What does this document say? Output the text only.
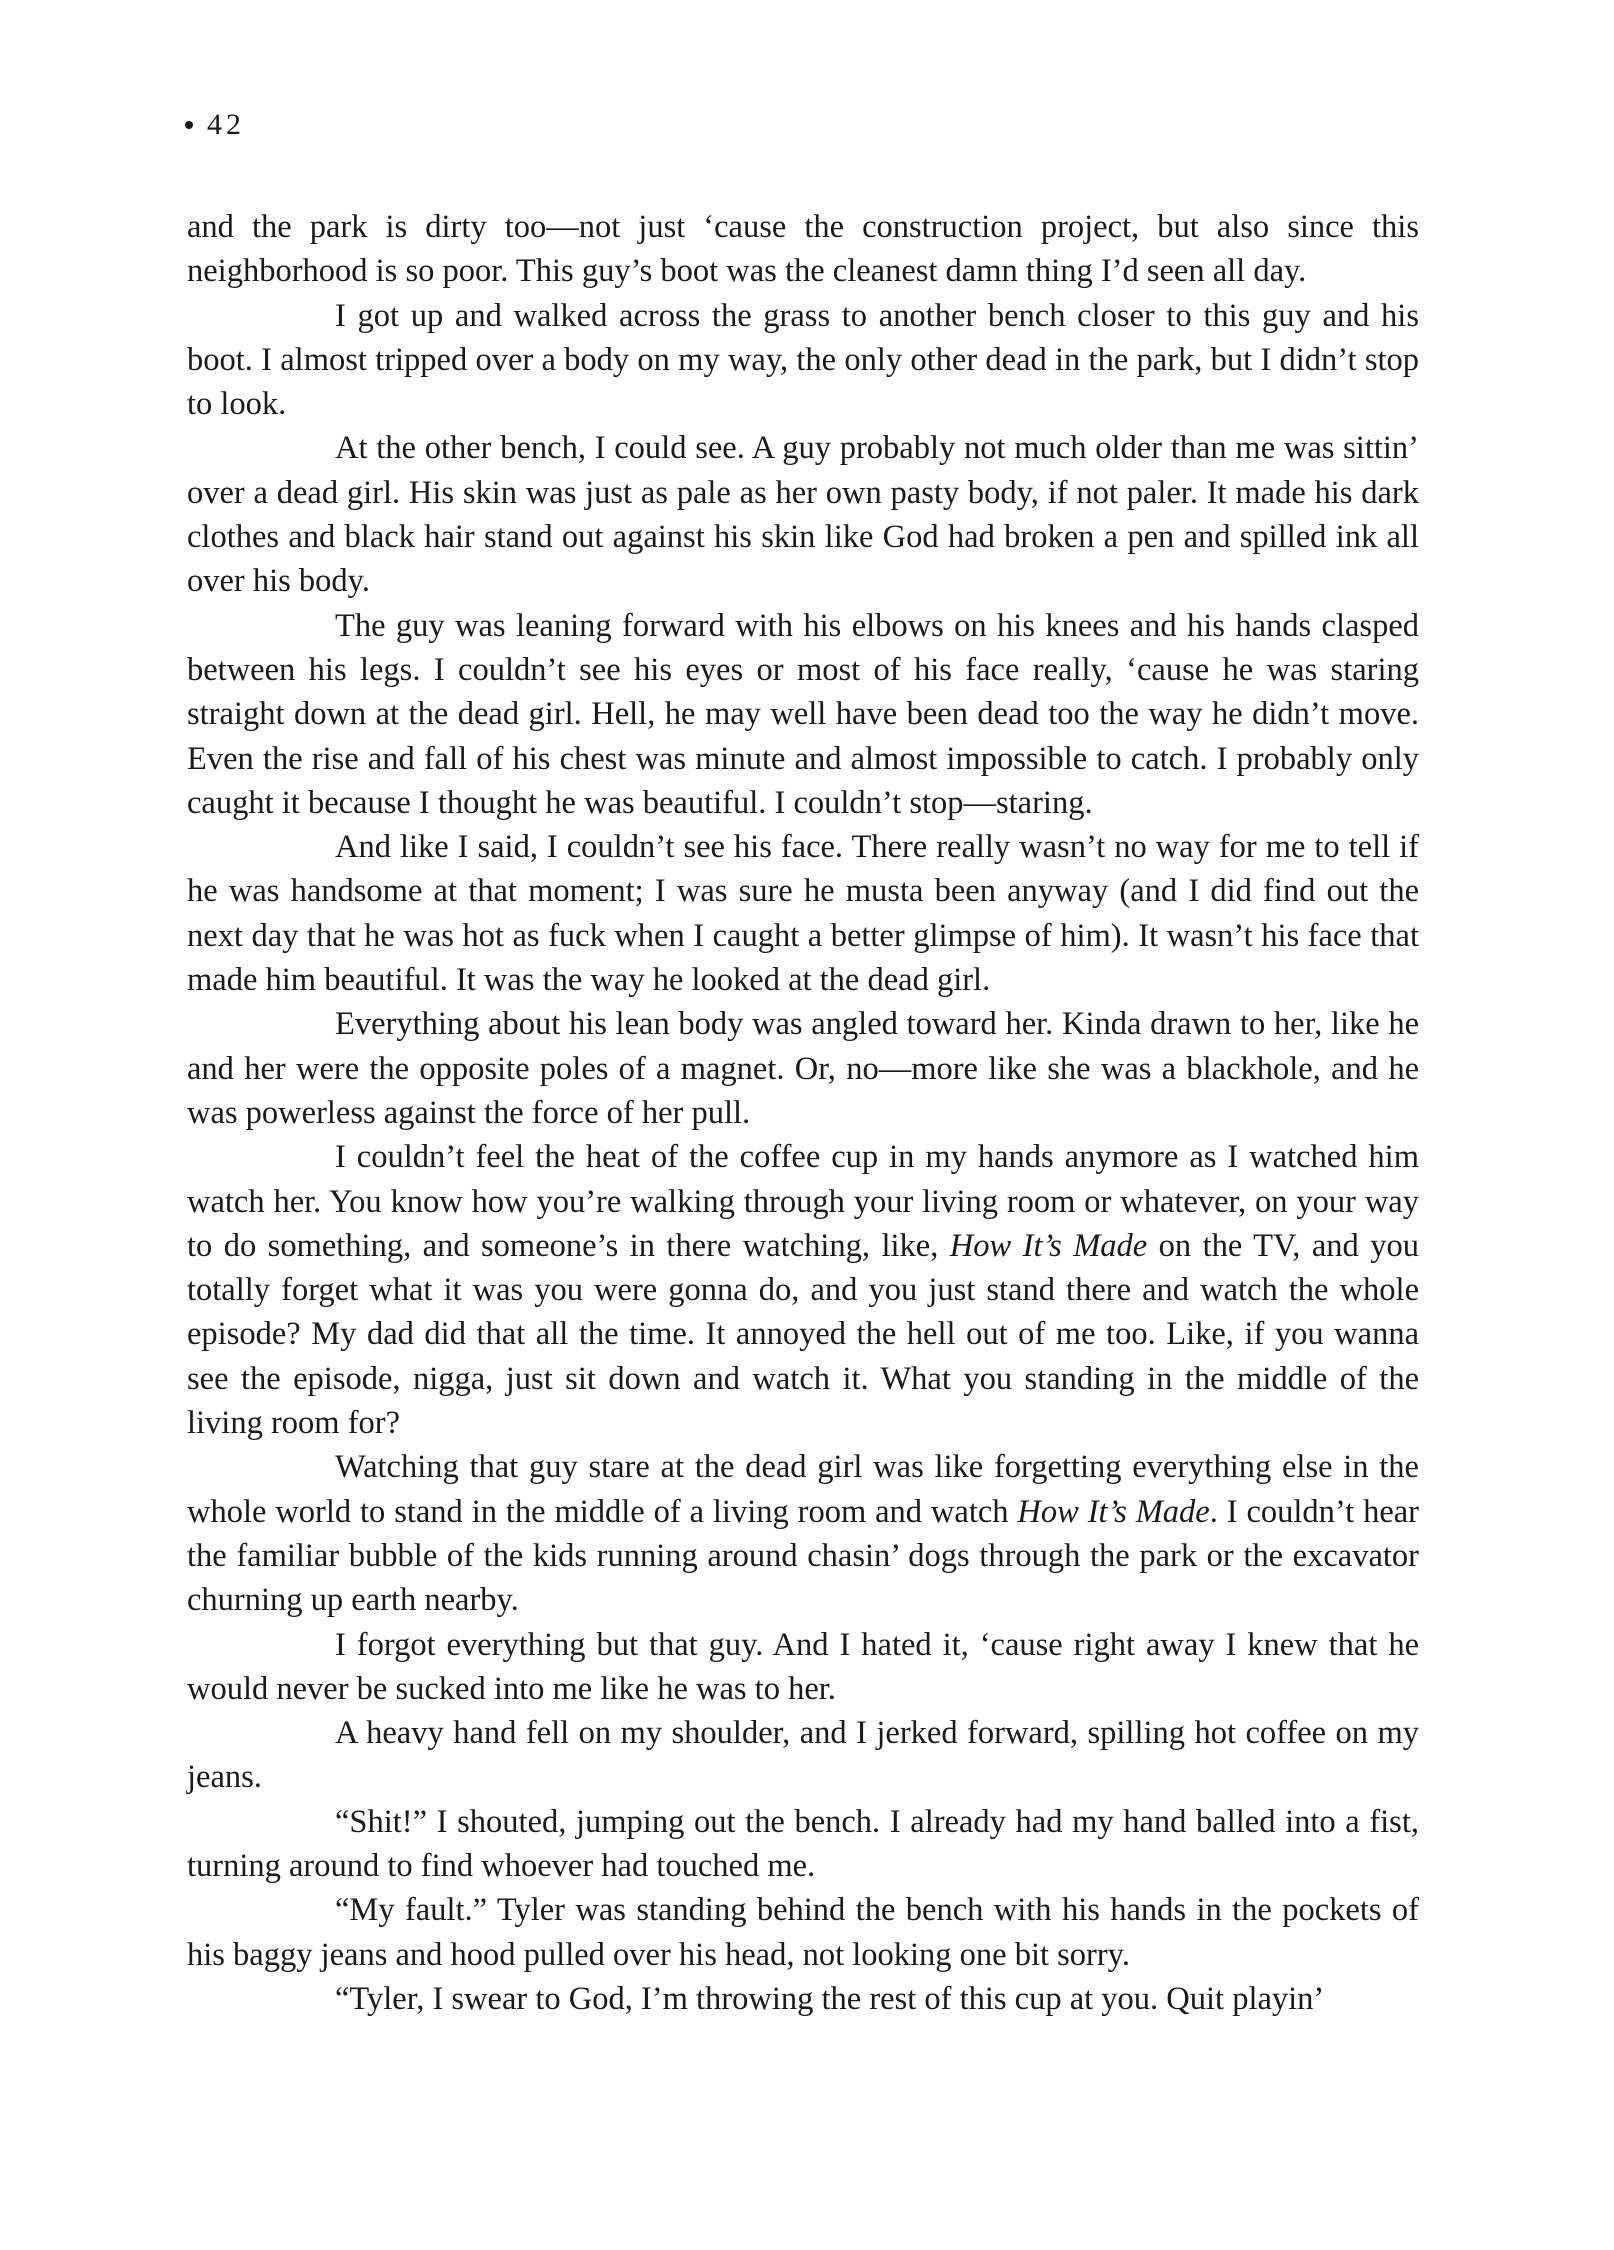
42

and the park is dirty too—not just ‘cause the construction project, but also since this neighborhood is so poor. This guy’s boot was the cleanest damn thing I’d seen all day.

I got up and walked across the grass to another bench closer to this guy and his boot. I almost tripped over a body on my way, the only other dead in the park, but I didn’t stop to look.

At the other bench, I could see. A guy probably not much older than me was sittin’ over a dead girl. His skin was just as pale as her own pasty body, if not paler. It made his dark clothes and black hair stand out against his skin like God had broken a pen and spilled ink all over his body.

The guy was leaning forward with his elbows on his knees and his hands clasped between his legs. I couldn’t see his eyes or most of his face really, ‘cause he was staring straight down at the dead girl. Hell, he may well have been dead too the way he didn’t move. Even the rise and fall of his chest was minute and almost impossible to catch. I probably only caught it because I thought he was beautiful. I couldn’t stop—staring.

And like I said, I couldn’t see his face. There really wasn’t no way for me to tell if he was handsome at that moment; I was sure he musta been anyway (and I did find out the next day that he was hot as fuck when I caught a better glimpse of him). It wasn’t his face that made him beautiful. It was the way he looked at the dead girl.

Everything about his lean body was angled toward her. Kinda drawn to her, like he and her were the opposite poles of a magnet. Or, no—more like she was a blackhole, and he was powerless against the force of her pull.

I couldn’t feel the heat of the coffee cup in my hands anymore as I watched him watch her. You know how you’re walking through your living room or whatever, on your way to do something, and someone’s in there watching, like, How It’s Made on the TV, and you totally forget what it was you were gonna do, and you just stand there and watch the whole episode? My dad did that all the time. It annoyed the hell out of me too. Like, if you wanna see the episode, nigga, just sit down and watch it. What you standing in the middle of the living room for?

Watching that guy stare at the dead girl was like forgetting everything else in the whole world to stand in the middle of a living room and watch How It’s Made. I couldn’t hear the familiar bubble of the kids running around chasin’ dogs through the park or the excavator churning up earth nearby.

I forgot everything but that guy. And I hated it, ‘cause right away I knew that he would never be sucked into me like he was to her.

A heavy hand fell on my shoulder, and I jerked forward, spilling hot coffee on my jeans.

“Shit!” I shouted, jumping out the bench. I already had my hand balled into a fist, turning around to find whoever had touched me.

“My fault.” Tyler was standing behind the bench with his hands in the pockets of his baggy jeans and hood pulled over his head, not looking one bit sorry.

“Tyler, I swear to God, I’m throwing the rest of this cup at you. Quit playin’
